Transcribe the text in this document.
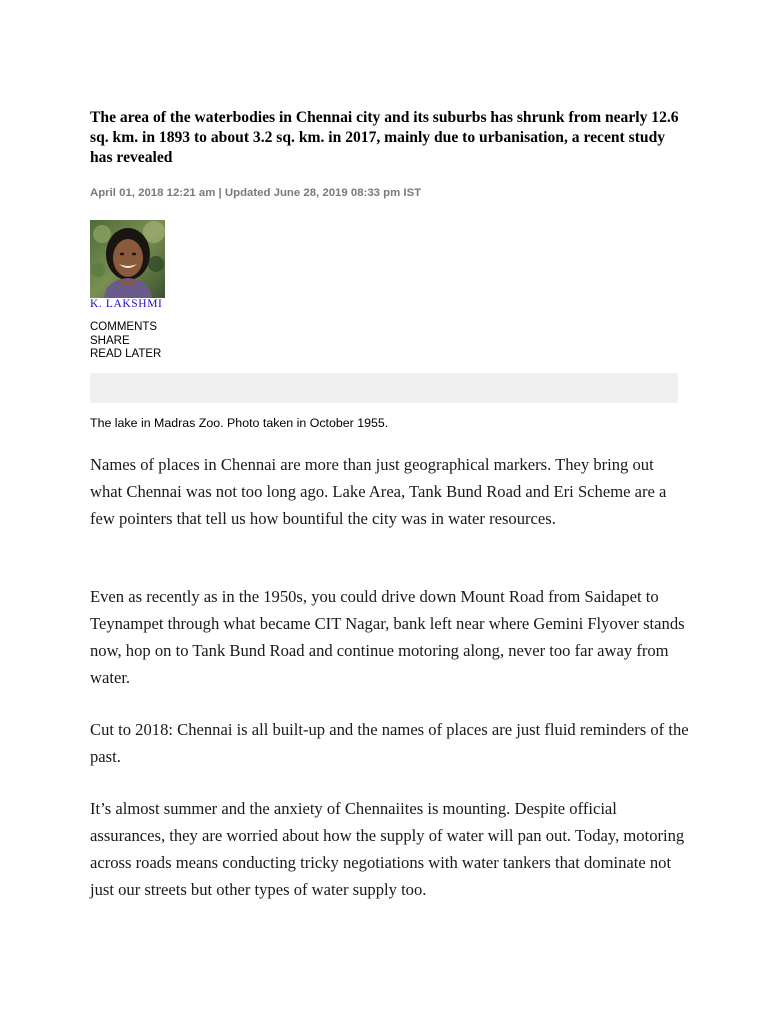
The area of the waterbodies in Chennai city and its suburbs has shrunk from nearly 12.6 sq. km. in 1893 to about 3.2 sq. km. in 2017, mainly due to urbanisation, a recent study has revealed
April 01, 2018 12:21 am | Updated June 28, 2019 08:33 pm IST
K. LAKSHMI
COMMENTS
SHARE
READ LATER
The lake in Madras Zoo. Photo taken in October 1955.

Names of places in Chennai are more than just geographical markers. They bring out what Chennai was not too long ago. Lake Area, Tank Bund Road and Eri Scheme are a few pointers that tell us how bountiful the city was in water resources.

Even as recently as in the 1950s, you could drive down Mount Road from Saidapet to Teynampet through what became CIT Nagar, bank left near where Gemini Flyover stands now, hop on to Tank Bund Road and continue motoring along, never too far away from water.

Cut to 2018: Chennai is all built-up and the names of places are just fluid reminders of the past.

It’s almost summer and the anxiety of Chennaiites is mounting. Despite official assurances, they are worried about how the supply of water will pan out. Today, motoring across roads means conducting tricky negotiations with water tankers that dominate not just our streets but other types of water supply too.
